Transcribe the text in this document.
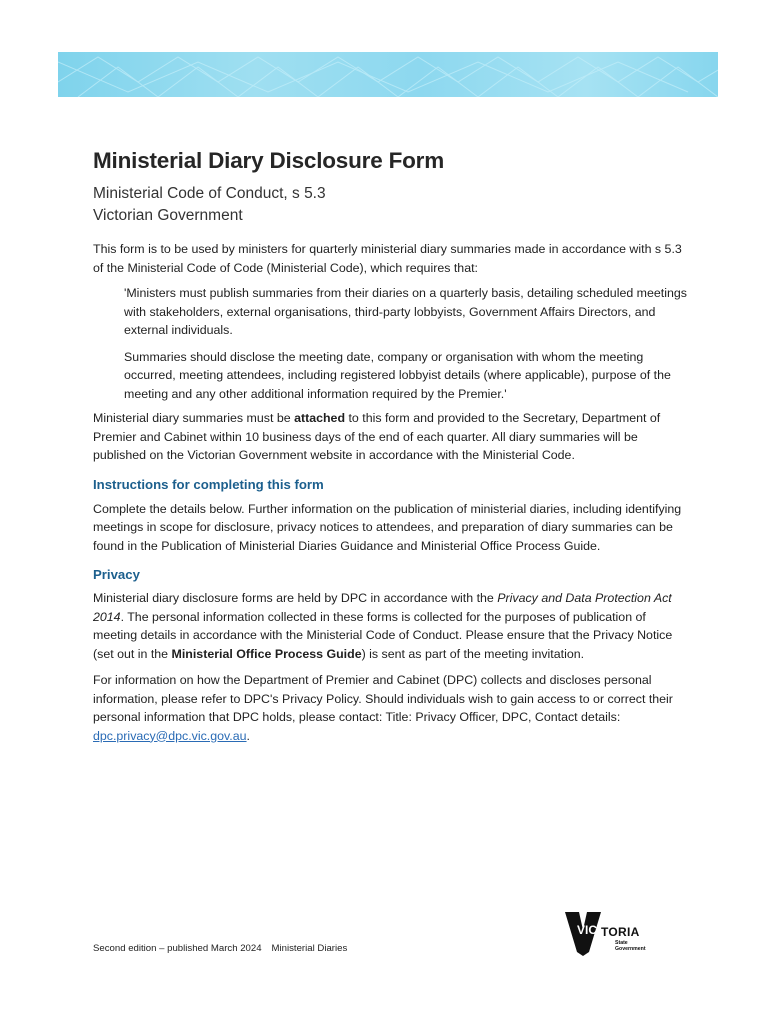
Ministerial Diary Disclosure Form
Ministerial Code of Conduct, s 5.3
Victorian Government

This form is to be used by ministers for quarterly ministerial diary summaries made in accordance with s 5.3 of the Ministerial Code of Code (Ministerial Code), which requires that:

'Ministers must publish summaries from their diaries on a quarterly basis, detailing scheduled meetings with stakeholders, external organisations, third-party lobbyists, Government Affairs Directors, and external individuals.

Summaries should disclose the meeting date, company or organisation with whom the meeting occurred, meeting attendees, including registered lobbyist details (where applicable), purpose of the meeting and any other additional information required by the Premier.'

Ministerial diary summaries must be attached to this form and provided to the Secretary, Department of Premier and Cabinet within 10 business days of the end of each quarter. All diary summaries will be published on the Victorian Government website in accordance with the Ministerial Code.

Instructions for completing this form

Complete the details below. Further information on the publication of ministerial diaries, including identifying meetings in scope for disclosure, privacy notices to attendees, and preparation of diary summaries can be found in the Publication of Ministerial Diaries Guidance and Ministerial Office Process Guide.

Privacy

Ministerial diary disclosure forms are held by DPC in accordance with the Privacy and Data Protection Act 2014. The personal information collected in these forms is collected for the purposes of publication of meeting details in accordance with the Ministerial Code of Conduct. Please ensure that the Privacy Notice (set out in the Ministerial Office Process Guide) is sent as part of the meeting invitation.

For information on how the Department of Premier and Cabinet (DPC) collects and discloses personal information, please refer to DPC's Privacy Policy. Should individuals wish to gain access to or correct their personal information that DPC holds, please contact: Title: Privacy Officer, DPC, Contact details: dpc.privacy@dpc.vic.gov.au.

Second edition – published March 2024 Ministerial Diaries
VIC TORIA
State
Government
